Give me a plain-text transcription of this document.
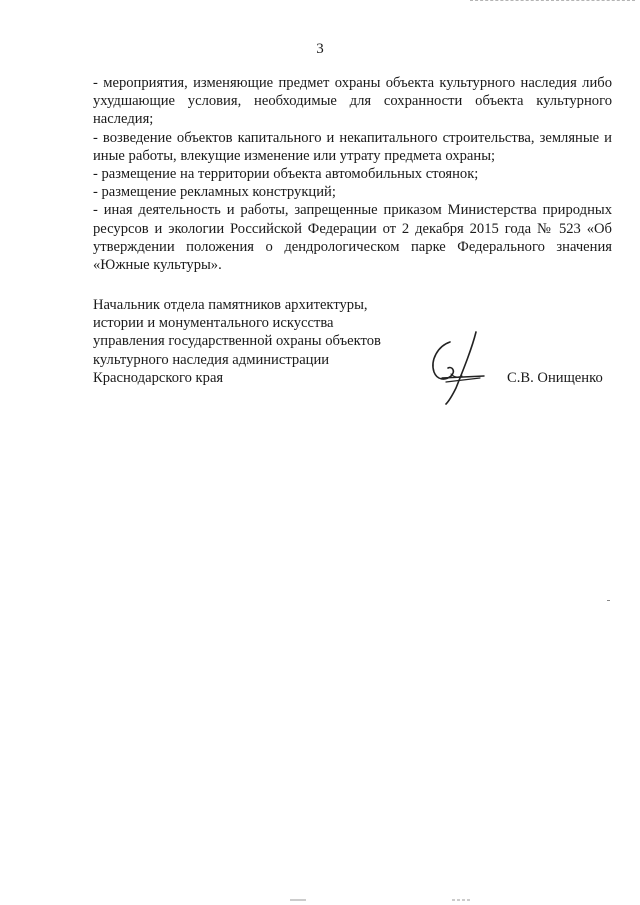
3

- мероприятия, изменяющие предмет охраны объекта культурного наследия либо ухудшающие условия, необходимые для сохранности объекта культурного наследия;

- возведение объектов капитального и некапитального строительства, земляные и иные работы, влекущие изменение или утрату предмета охраны;

- размещение на территории объекта автомобильных стоянок;

- размещение рекламных конструкций;

- иная деятельность и работы, запрещенные приказом Министерства природных ресурсов и экологии Российской Федерации от 2 декабря 2015 года № 523 «Об утверждении положения о дендрологическом парке Федерального значения «Южные культуры».

Начальник отдела памятников архитектуры,
истории и монументального искусства
управления государственной охраны объектов
культурного наследия администрации
Краснодарского края	С.В. Онищенко
